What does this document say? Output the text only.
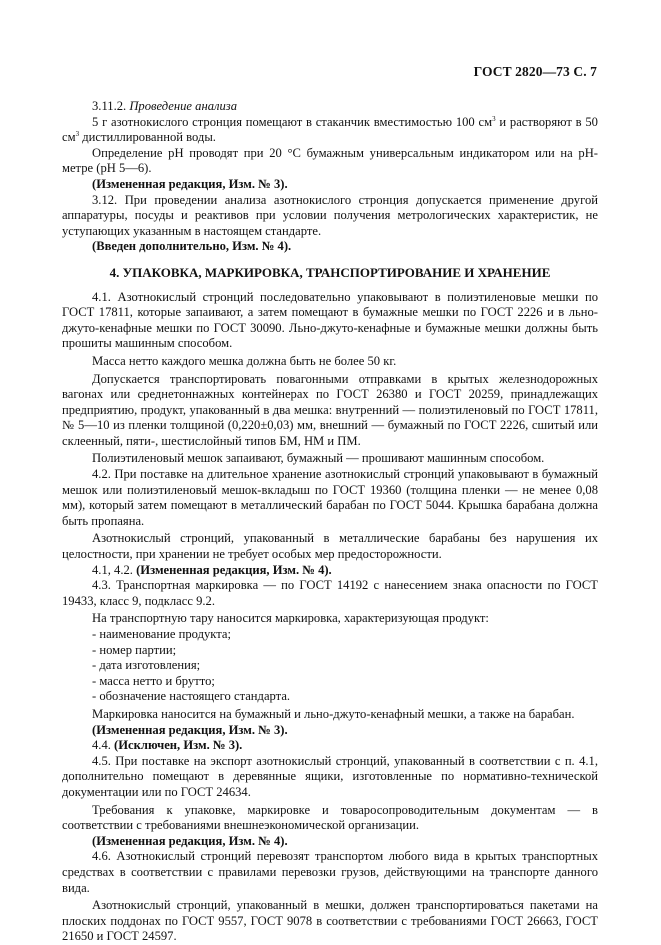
ГОСТ 2820—73 С. 7

3.11.2. Проведение анализа

5 г азотнокислого стронция помещают в стаканчик вместимостью 100 $см^3$ и растворяют в 50 $см^3$ дистиллированной воды.

Определение рН проводят при 20 °С бумажным универсальным индикатором или на рН-метре (рН 5—6).

(Измененная редакция, Изм. № 3).

3.12. При проведении анализа азотнокислого стронция допускается применение другой аппаратуры, посуды и реактивов при условии получения метрологических характеристик, не уступающих указанным в настоящем стандарте.

(Введен дополнительно, Изм. № 4).

4. УПАКОВКА, МАРКИРОВКА, ТРАНСПОРТИРОВАНИЕ И ХРАНЕНИЕ

4.1. Азотнокислый стронций последовательно упаковывают в полиэтиленовые мешки по ГОСТ 17811, которые запаивают, а затем помещают в бумажные мешки по ГОСТ 2226 и в льно-джуто-кенафные мешки по ГОСТ 30090. Льно-джуто-кенафные и бумажные мешки должны быть прошиты машинным способом.

Масса нетто каждого мешка должна быть не более 50 кг.

Допускается транспортировать повагонными отправками в крытых железнодорожных вагонах или среднетоннажных контейнерах по ГОСТ 26380 и ГОСТ 20259, принадлежащих предприятию, продукт, упакованный в два мешка: внутренний — полиэтиленовый по ГОСТ 17811, № 5—10 из пленки толщиной (0,220±0,03) мм, внешний — бумажный по ГОСТ 2226, сшитый или склеенный, пяти-, шестислойный типов БМ, НМ и ПМ.

Полиэтиленовый мешок запаивают, бумажный — прошивают машинным способом.

4.2. При поставке на длительное хранение азотнокислый стронций упаковывают в бумажный мешок или полиэтиленовый мешок-вкладыш по ГОСТ 19360 (толщина пленки — не менее 0,08 мм), который затем помещают в металлический барабан по ГОСТ 5044. Крышка барабана должна быть пропаяна.

Азотнокислый стронций, упакованный в металлические барабаны без нарушения их целостности, при хранении не требует особых мер предосторожности.

4.1, 4.2. (Измененная редакция, Изм. № 4).

4.3. Транспортная маркировка — по ГОСТ 14192 с нанесением знака опасности по ГОСТ 19433, класс 9, подкласс 9.2.

На транспортную тару наносится маркировка, характеризующая продукт:

- наименование продукта;

- номер партии;

- дата изготовления;

- масса нетто и брутто;

- обозначение настоящего стандарта.

Маркировка наносится на бумажный и льно-джуто-кенафный мешки, а также на барабан.

(Измененная редакция, Изм. № 3).

4.4. (Исключен, Изм. № 3).

4.5. При поставке на экспорт азотнокислый стронций, упакованный в соответствии с п. 4.1, дополнительно помещают в деревянные ящики, изготовленные по нормативно-технической документации или по ГОСТ 24634.

Требования к упаковке, маркировке и товаросопроводительным документам — в соответствии с требованиями внешнеэкономической организации.

(Измененная редакция, Изм. № 4).

4.6. Азотнокислый стронций перевозят транспортом любого вида в крытых транспортных средствах в соответствии с правилами перевозки грузов, действующими на транспорте данного вида.

Азотнокислый стронций, упакованный в мешки, должен транспортироваться пакетами на плоских поддонах по ГОСТ 9557, ГОСТ 9078 в соответствии с требованиями ГОСТ 26663, ГОСТ 21650 и ГОСТ 24597.
